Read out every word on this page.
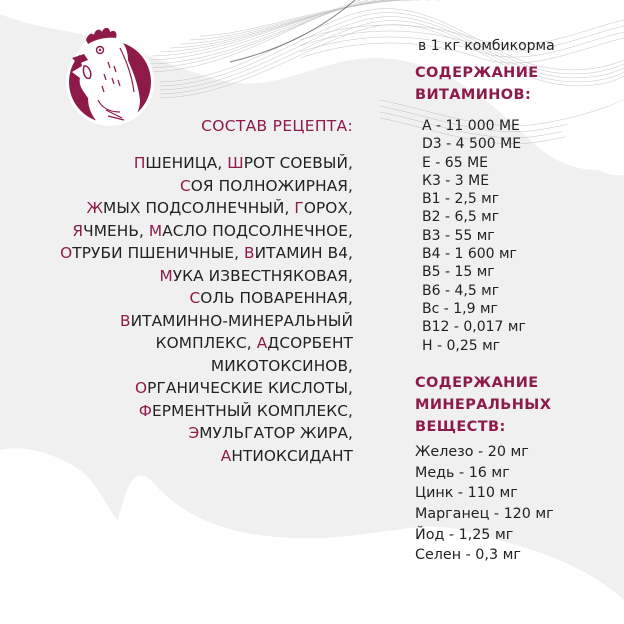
СОСТАВ РЕЦЕПТА:
ПШЕНИЦА, ШРОТ СОЕВЫЙ,
СОЯ ПОЛНОЖИРНАЯ,
ЖМЫХ ПОДСОЛНЕЧНЫЙ, ГОРОХ,
ЯЧМЕНЬ, МАСЛО ПОДСОЛНЕЧНОЕ,
ОТРУБИ ПШЕНИЧНЫЕ, ВИТАМИН В4,
МУКА ИЗВЕСТНЯКОВАЯ,
СОЛЬ ПОВАРЕННАЯ,
ВИТАМИННО-МИНЕРАЛЬНЫЙ
КОМПЛЕКС, АДСОРБЕНТ
МИКОТОКСИНОВ,
ОРГАНИЧЕСКИЕ КИСЛОТЫ,
ФЕРМЕНТНЫЙ КОМПЛЕКС,
ЭМУЛЬГАТОР ЖИРА,
АНТИОКСИДАНТ
в 1 кг комбикорма
СОДЕРЖАНИЕ
ВИТАМИНОВ:
A - 11 000 МЕ
D3 - 4 500 МЕ
E - 65 МЕ
К3 - 3 МЕ
В1 - 2,5 мг
В2 - 6,5 мг
В3 - 55 мг
В4 - 1 600 мг
В5 - 15 мг
В6 - 4,5 мг
Вс - 1,9 мг
В12 - 0,017 мг
Н - 0,25 мг
СОДЕРЖАНИЕ
МИНЕРАЛЬНЫХ
ВЕЩЕСТВ:
Железо - 20 мг
Медь - 16 мг
Цинк - 110 мг
Марганец - 120 мг
Йод - 1,25 мг
Селен - 0,3 мг
